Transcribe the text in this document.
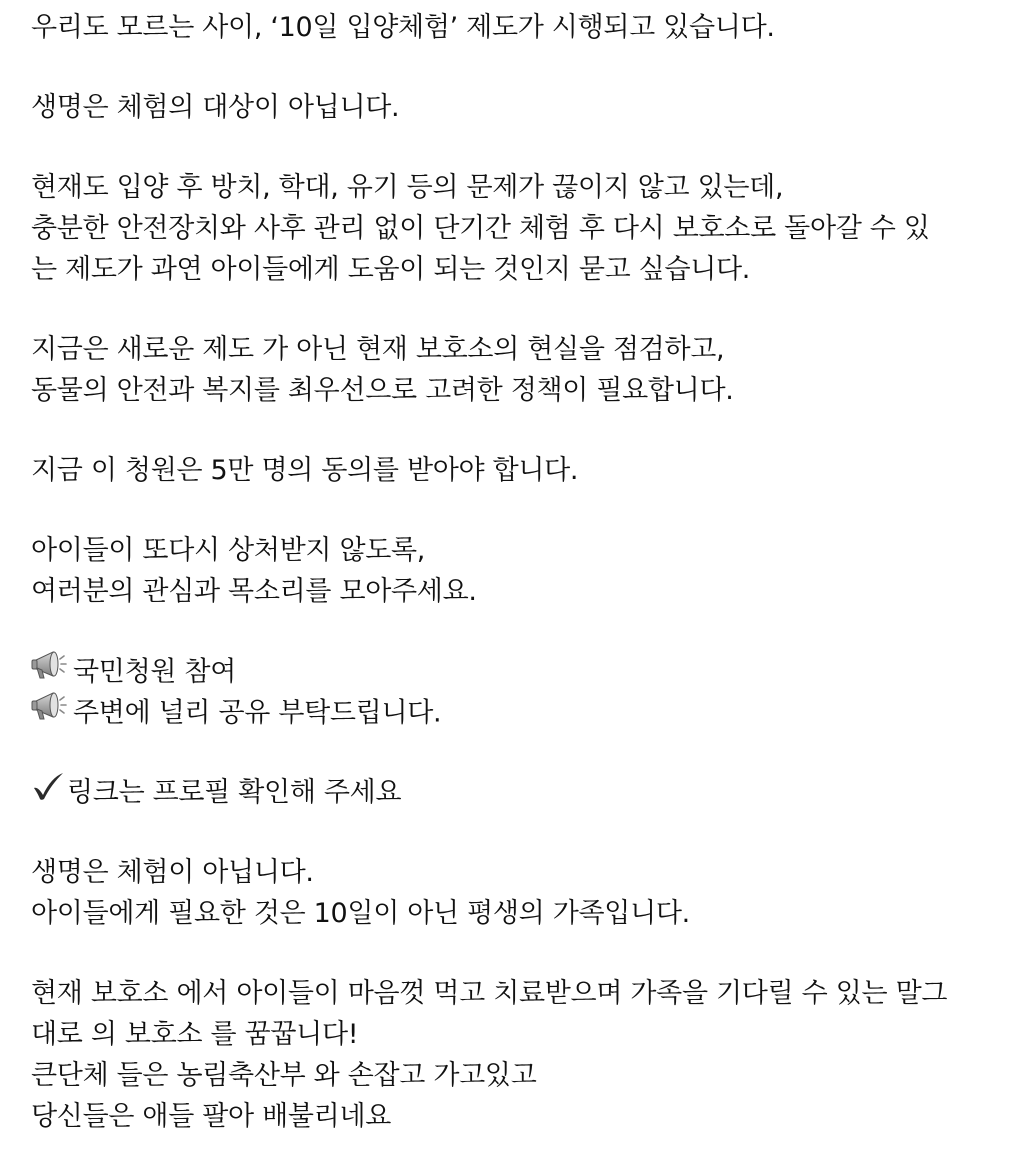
우리도 모르는 사이, ‘10일 입양체험’ 제도가 시행되고 있습니다.
생명은 체험의 대상이 아닙니다.
현재도 입양 후 방치, 학대, 유기 등의 문제가 끊이지 않고 있는데,
충분한 안전장치와 사후 관리 없이 단기간 체험 후 다시 보호소로 돌아갈 수 있
는 제도가 과연 아이들에게 도움이 되는 것인지 묻고 싶습니다.
지금은 새로운 제도 가 아닌 현재 보호소의 현실을 점검하고,
동물의 안전과 복지를 최우선으로 고려한 정책이 필요합니다.
지금 이 청원은 5만 명의 동의를 받아야 합니다.
아이들이 또다시 상처받지 않도록,
여러분의 관심과 목소리를 모아주세요.
국민청원 참여
주변에 널리 공유 부탁드립니다.
링크는 프로필 확인해 주세요
생명은 체험이 아닙니다.
아이들에게 필요한 것은 10일이 아닌 평생의 가족입니다.
현재 보호소 에서 아이들이 마음껏 먹고 치료받으며 가족을 기다릴 수 있는 말그
대로 의 보호소 를 꿈꿉니다!
큰단체 들은 농림축산부 와 손잡고 가고있고
당신들은 애들 팔아 배불리네요
